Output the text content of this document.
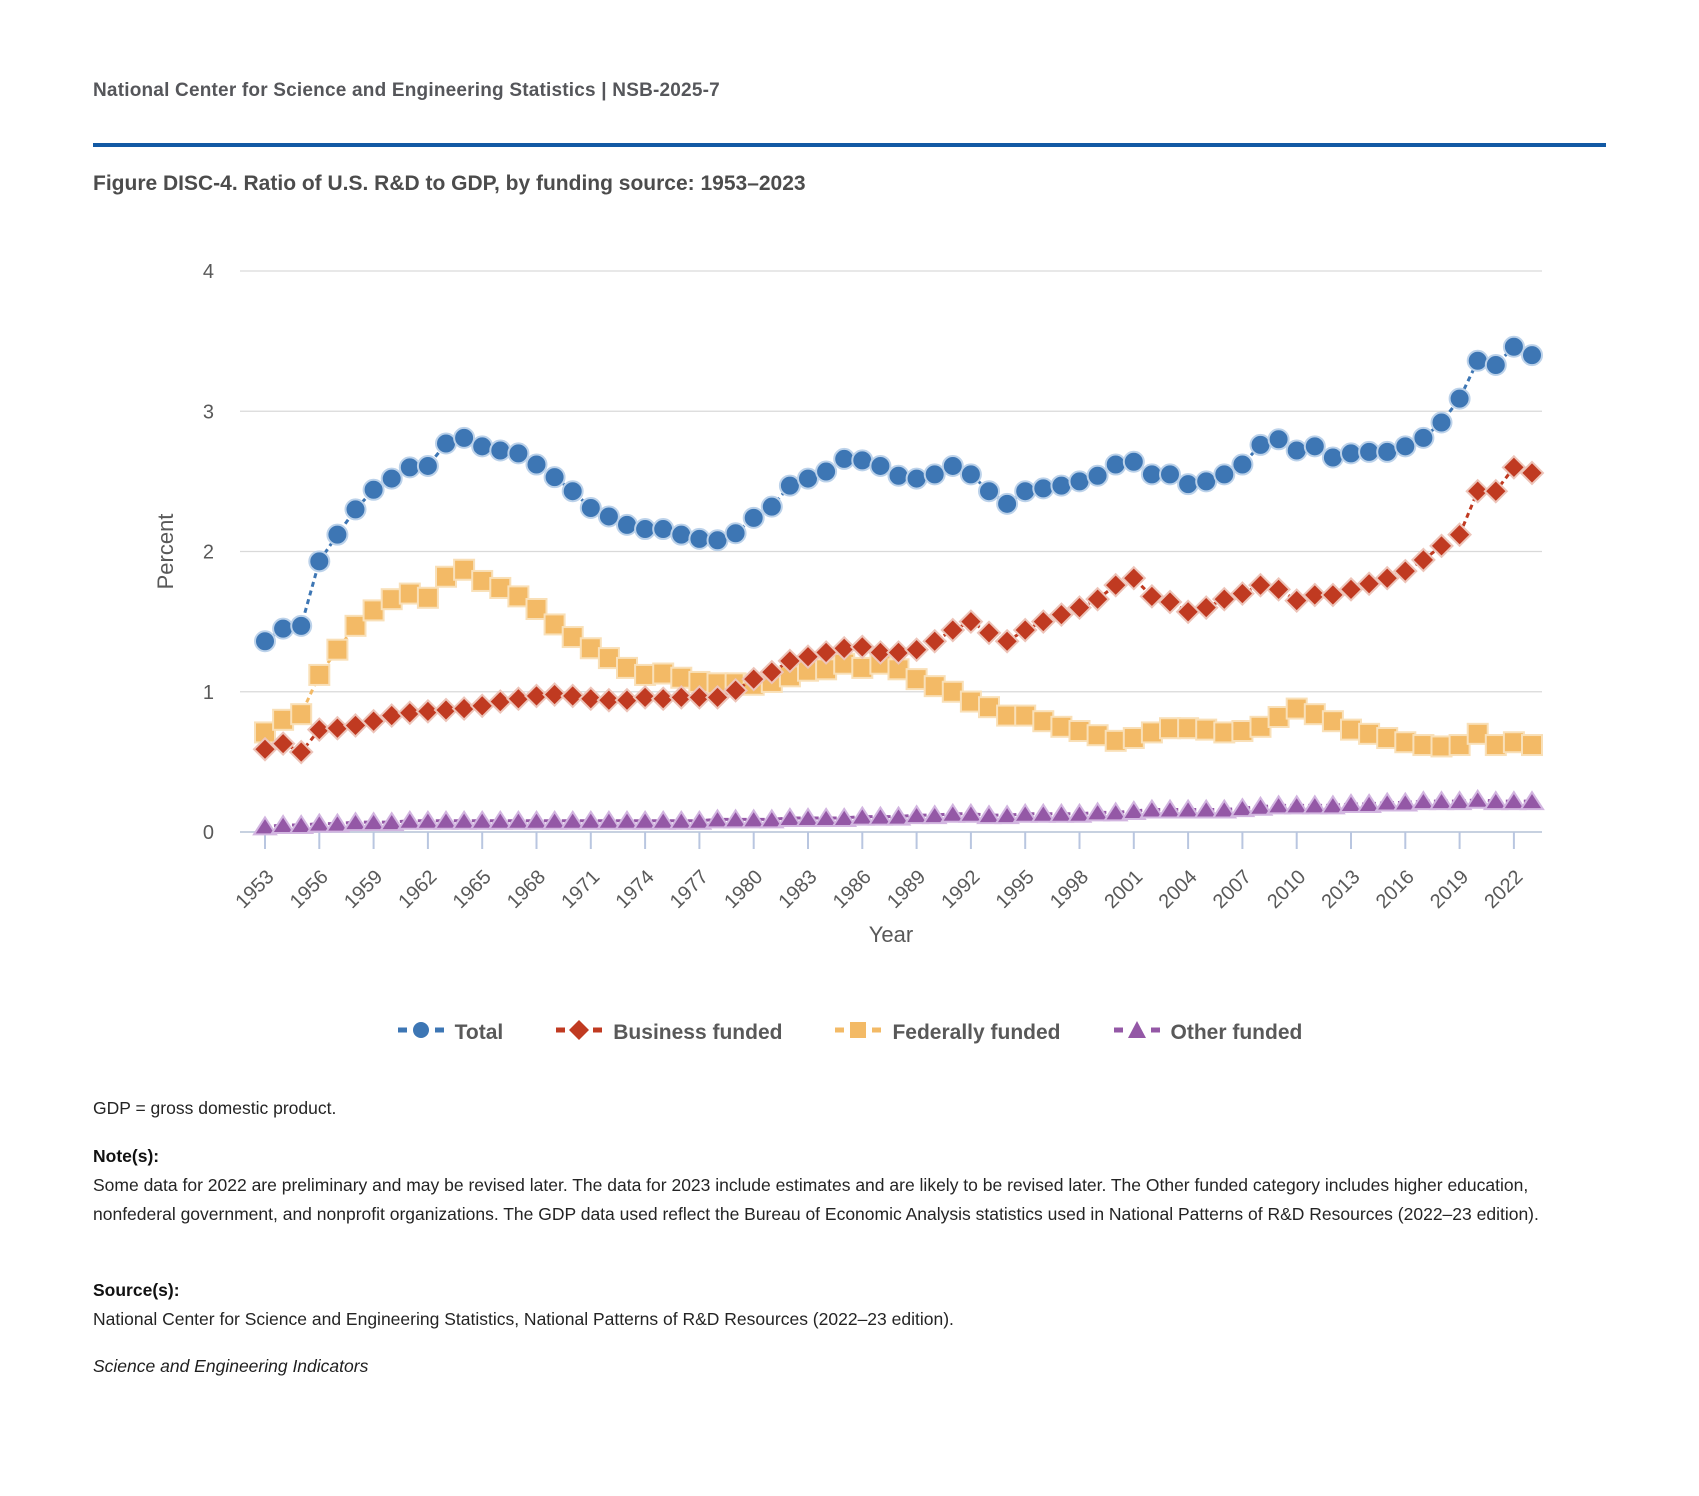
National Center for Science and Engineering Statistics | NSB-2025-7
Figure DISC-4. Ratio of U.S. R&D to GDP, by funding source: 1953–2023
0
1
2
3
4
1953 1956 1959 1962 1965 1968 1971 1974 1977 1980 1983 1986 1989 1992 1995 1998 2001 2004 2007 2010 2013 2016 2019 2022
Year
Percent
Total	Business funded	Federally funded	Other funded
GDP = gross domestic product.
Note(s):
Some data for 2022 are preliminary and may be revised later. The data for 2023 include estimates and are likely to be revised later. The Other funded category includes higher education, nonfederal government, and nonprofit organizations. The GDP data used reflect the Bureau of Economic Analysis statistics used in National Patterns of R&D Resources (2022–23 edition).
Source(s):
National Center for Science and Engineering Statistics, National Patterns of R&D Resources (2022–23 edition).
Science and Engineering Indicators
